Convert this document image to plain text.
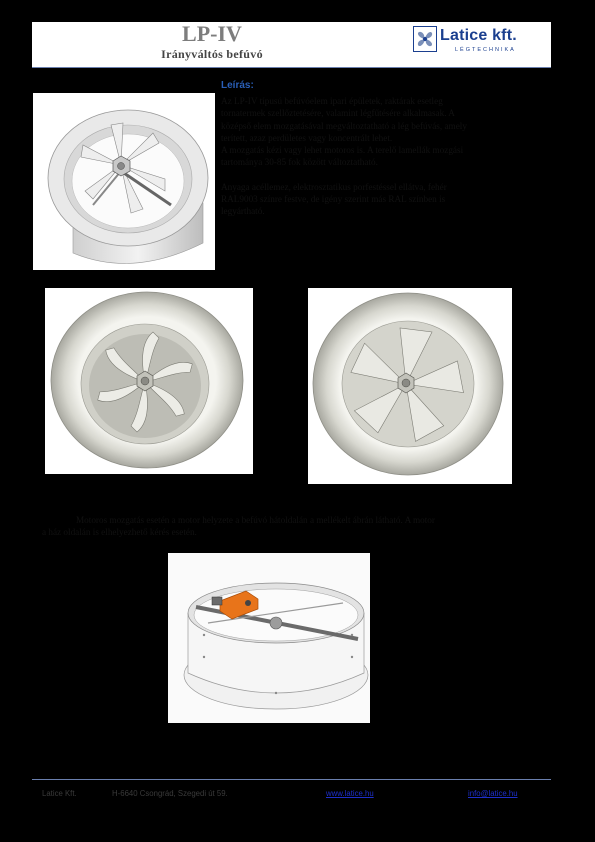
LP-IV
Irányváltós befúvó
Latice kft.
LÉGTECHNIKA
Leírás:

Az LP-IV típusú befúvóelem ipari épületek, raktárak esetleg
tornatermek szellőztetésére, valamint légfűtésére alkalmasak. A
középső elem mozgatásával megváltoztatható a lég befúvás, amely
terített, azaz perdületes vagy koncentrált lehet.
A mozgatás kézi vagy lehet motoros is. A terelő lamellák mozgási
tartománya 30-85 fok között változtatható.

Anyaga acéllemez, elektrosztatikus porfestéssel ellátva, fehér
RAL9003 színre festve, de igény szerint más RAL színben is
legyártható.

Motoros mozgatás esetén a motor helyzete a befúvó hátoldalán a mellékelt ábrán látható. A motor
a ház oldalán is elhelyezhető kérés esetén.
Latice Kft.	H-6640 Csongrád, Szegedi út 59.	www.latice.hu	info@latice.hu
